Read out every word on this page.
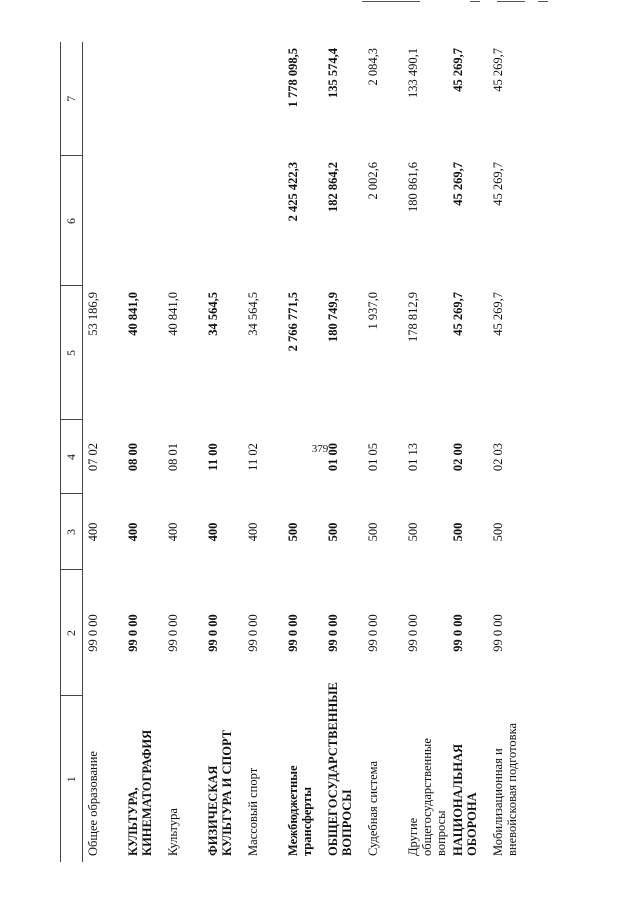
379
1	2	3	4	5	6	7
Общее образование	99 0 00	400	07 02	53 186,9		
КУЛЬТУРА, КИНЕМАТОГРАФИЯ	99 0 00	400	08 00	40 841,0		
Культура	99 0 00	400	08 01	40 841,0		
ФИЗИЧЕСКАЯ КУЛЬТУРА И СПОРТ	99 0 00	400	11 00	34 564,5		
Массовый спорт	99 0 00	400	11 02	34 564,5		
Межбюджетные трансферты	99 0 00	500		2 766 771,5	2 425 422,3	1 778 098,5
ОБЩЕГОСУДАРСТВЕННЫЕ ВОПРОСЫ	99 0 00	500	01 00	180 749,9	182 864,2	135 574,4
Судебная система	99 0 00	500	01 05	1 937,0	2 002,6	2 084,3
Другие общегосударственные вопросы	99 0 00	500	01 13	178 812,9	180 861,6	133 490,1
НАЦИОНАЛЬНАЯ ОБОРОНА	99 0 00	500	02 00	45 269,7	45 269,7	45 269,7
Мобилизационная и вневойсковая подготовка	99 0 00	500	02 03	45 269,7	45 269,7	45 269,7
